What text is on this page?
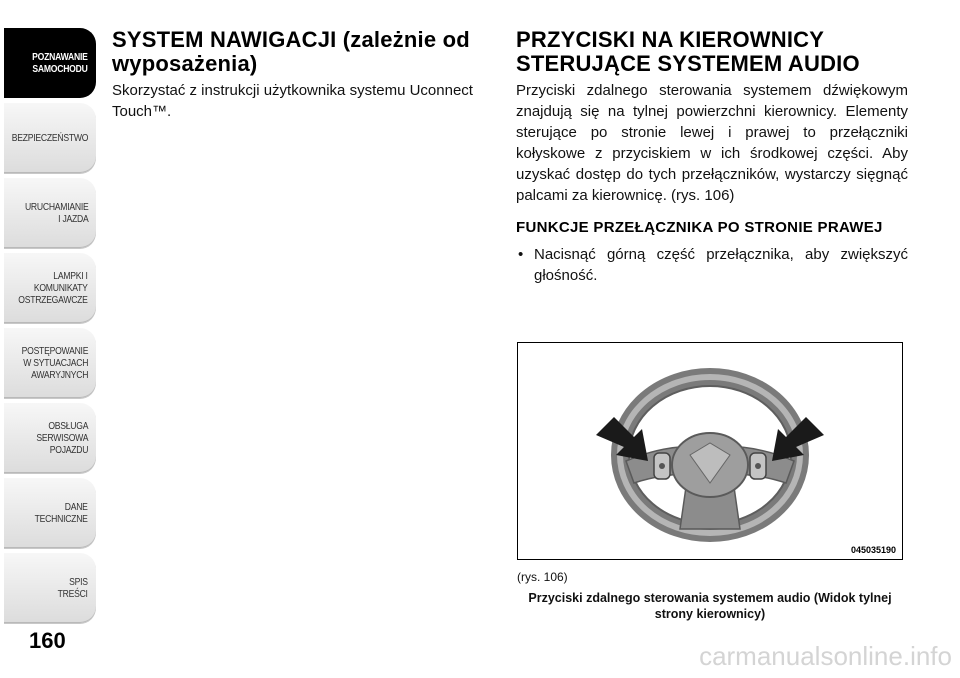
POZNAWANIE
SAMOCHODU
BEZPIECZEŃSTWO
URUCHAMIANIE
I JAZDA
LAMPKI I
KOMUNIKATY
OSTRZEGAWCZE
POSTĘPOWANIE
W SYTUACJACH
AWARYJNYCH
OBSŁUGA
SERWISOWA
POJAZDU
DANE
TECHNICZNE
SPIS
TREŚCI
160
SYSTEM NAWIGACJI (zależnie od wyposażenia)

Skorzystać z instrukcji użytkownika systemu Uconnect Touch™.

PRZYCISKI NA KIEROWNICY STERUJĄCE SYSTEMEM AUDIO

Przyciski zdalnego sterowania systemem dźwiękowym znajdują się na tylnej powierzchni kierownicy. Elementy sterujące po stronie lewej i prawej to przełączniki kołyskowe z przyciskiem w ich środkowej części. Aby uzyskać dostęp do tych przełączników, wystarczy sięgnąć palcami za kierownicę. (rys. 106)

FUNKCJE PRZEŁĄCZNIKA PO STRONIE PRAWEJ
• Nacisnąć górną część przełącznika, aby zwiększyć głośność.
045035190
(rys. 106)
Przyciski zdalnego sterowania systemem audio (Widok tylnej strony kierownicy)
carmanualsonline.info
